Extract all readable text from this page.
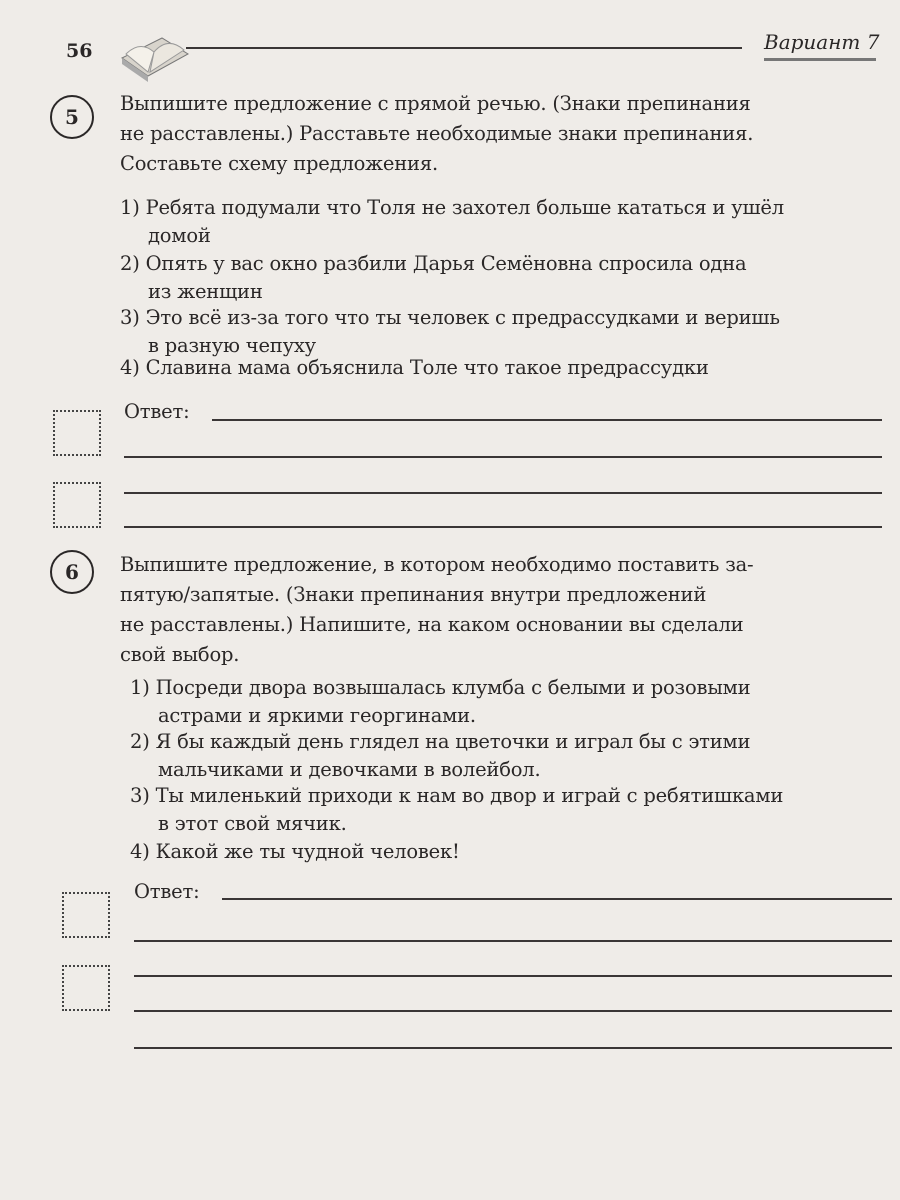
56	Вариант 7
5
Выпишите предложение с прямой речью. (Знаки препинания
не расставлены.) Расставьте необходимые знаки препинания.
Составьте схему предложения.
1) Ребята подумали что Толя не захотел больше кататься и ушёл
домой
2) Опять у вас окно разбили Дарья Семёновна спросила одна
из женщин
3) Это всё из-за того что ты человек с предрассудками и веришь
в разную чепуху
4) Славина мама объяснила Толе что такое предрассудки
Ответ:
6	Выпишите предложение, в котором необходимо поставить за-
пятую/запятые. (Знаки препинания внутри предложений
не расставлены.) Напишите, на каком основании вы сделали
свой выбор.
1) Посреди двора возвышалась клумба с белыми и розовыми
астрами и яркими георгинами.
2) Я бы каждый день глядел на цветочки и играл бы с этими
мальчиками и девочками в волейбол.
3) Ты миленький приходи к нам во двор и играй с ребятишками
в этот свой мячик.
4) Какой же ты чудной человек!
Ответ:
